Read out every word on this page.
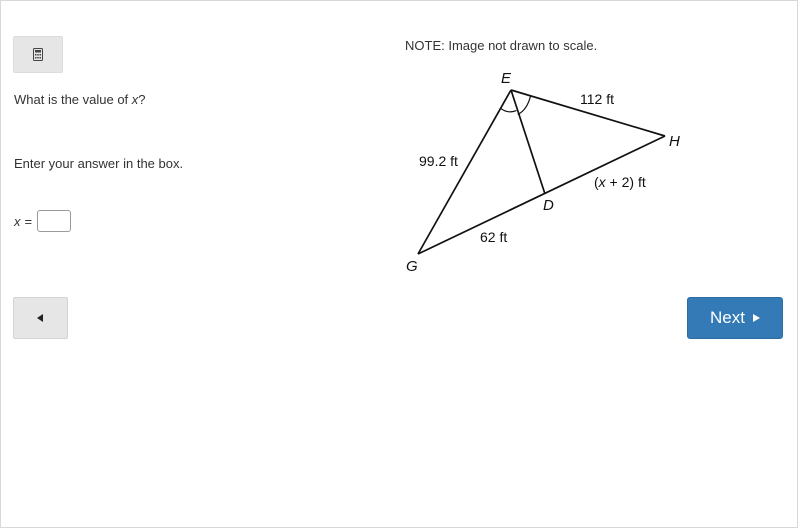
What is the value of x?
Enter your answer in the box.
x =
NOTE: Image not drawn to scale.
E
H
D
G
112 ft
99.2 ft
(x + 2) ft
62 ft
Next
